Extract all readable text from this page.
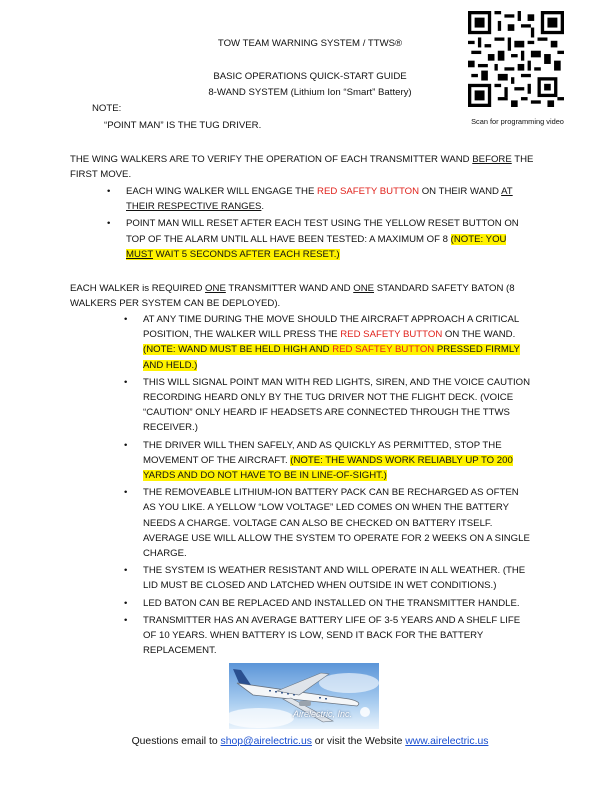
Scan for programming video
TOW TEAM WARNING SYSTEM / TTWS®
BASIC OPERATIONS QUICK-START GUIDE
8-WAND SYSTEM (Lithium Ion “Smart” Battery)
NOTE:
“POINT MAN” IS THE TUG DRIVER.
THE WING WALKERS ARE TO VERIFY THE OPERATION OF EACH TRANSMITTER WAND BEFORE THE FIRST MOVE.
• EACH WING WALKER WILL ENGAGE THE RED SAFETY BUTTON ON THEIR WAND AT THEIR RESPECTIVE RANGES.
• POINT MAN WILL RESET AFTER EACH TEST USING THE YELLOW RESET BUTTON ON TOP OF THE ALARM UNTIL ALL HAVE BEEN TESTED: A MAXIMUM OF 8 (NOTE: YOU MUST WAIT 5 SECONDS AFTER EACH RESET.)
EACH WALKER is REQUIRED ONE TRANSMITTER WAND AND ONE STANDARD SAFETY BATON (8 WALKERS PER SYSTEM CAN BE DEPLOYED).
• AT ANY TIME DURING THE MOVE SHOULD THE AIRCRAFT APPROACH A CRITICAL POSITION, THE WALKER WILL PRESS THE RED SAFETY BUTTON ON THE WAND. (NOTE: WAND MUST BE HELD HIGH AND RED SAFTEY BUTTON PRESSED FIRMLY AND HELD.)
• THIS WILL SIGNAL POINT MAN WITH RED LIGHTS, SIREN, AND THE VOICE CAUTION RECORDING HEARD ONLY BY THE TUG DRIVER NOT THE FLIGHT DECK. (VOICE “CAUTION” ONLY HEARD IF HEADSETS ARE CONNECTED THROUGH THE TTWS RECEIVER.)
• THE DRIVER WILL THEN SAFELY, AND AS QUICKLY AS PERMITTED, STOP THE MOVEMENT OF THE AIRCRAFT. (NOTE: THE WANDS WORK RELIABLY UP TO 200 YARDS AND DO NOT HAVE TO BE IN LINE-OF-SIGHT.)
• THE REMOVEABLE LITHIUM-ION BATTERY PACK CAN BE RECHARGED AS OFTEN AS YOU LIKE. A YELLOW “LOW VOLTAGE” LED COMES ON WHEN THE BATTERY NEEDS A CHARGE. VOLTAGE CAN ALSO BE CHECKED ON BATTERY ITSELF. AVERAGE USE WILL ALLOW THE SYSTEM TO OPERATE FOR 2 WEEKS ON A SINGLE CHARGE.
• THE SYSTEM IS WEATHER RESISTANT AND WILL OPERATE IN ALL WEATHER. (THE LID MUST BE CLOSED AND LATCHED WHEN OUTSIDE IN WET CONDITIONS.)
• LED BATON CAN BE REPLACED AND INSTALLED ON THE TRANSMITTER HANDLE.
• TRANSMITTER HAS AN AVERAGE BATTERY LIFE OF 3-5 YEARS AND A SHELF LIFE OF 10 YEARS. WHEN BATTERY IS LOW, SEND IT BACK FOR THE BATTERY REPLACEMENT.
Airelectric, Inc.
Questions email to shop@airelectric.us or visit the Website www.airelectric.us
